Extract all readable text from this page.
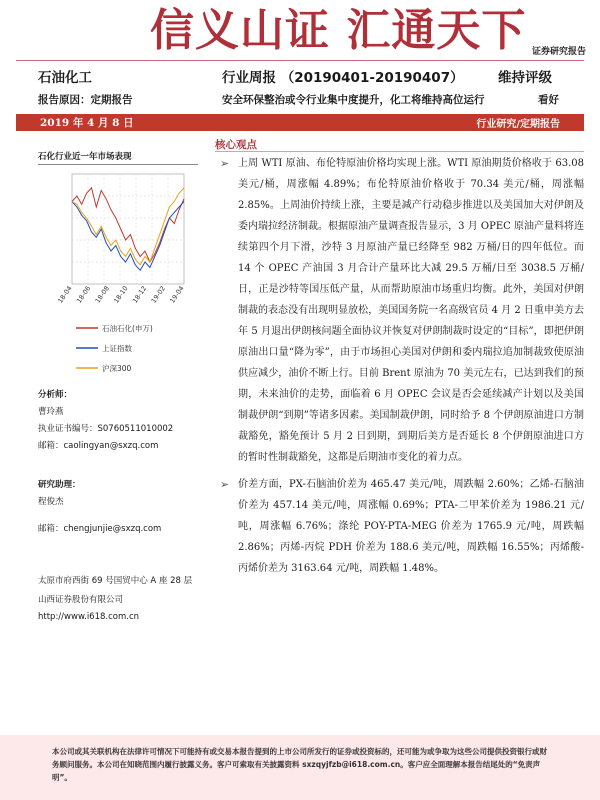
信义山证 汇通天下 证券研究报告
石油化工	行业周报 （20190401-20190407）	维持评级
报告原因：定期报告	安全环保整治或令行业集中度提升，化工将维持高位运行	看好
2019 年 4 月 8 日	行业研究/定期报告
核心观点
石化行业近一年市场表现
18-04 18-06 18-08 18-10 18-12 19-02 19-04
石油石化(申万)
上证指数
沪深300
分析师：
曹玲燕
执业证书编号：S0760511010002
邮箱：caolingyan@sxzq.com
研究助理：
程俊杰
邮箱：chengjunjie@sxzq.com
太原市府西街 69 号国贸中心 A 座 28 层
山西证券股份有限公司
http://www.i618.com.cn

➢ 上周 WTI 原油、布伦特原油价格均实现上涨。WTI 原油期货价格收于 63.08 美元/桶，周涨幅 4.89%；布伦特原油价格收于 70.34 美元/桶，周涨幅 2.85%。上周油价持续上涨，主要是减产行动稳步推进以及美国加大对伊朗及委内瑞拉经济制裁。根据原油产量调查报告显示，3 月 OPEC 原油产量料将连续第四个月下滑，沙特 3 月原油产量已经降至 982 万桶/日的四年低位。而 14 个 OPEC 产油国 3 月合计产量环比大减 29.5 万桶/日至 3038.5 万桶/日，正是沙特等国压低产量，从而帮助原油市场重归均衡。此外，美国对伊朗制裁的表态没有出现明显放松，美国国务院一名高级官员 4 月 2 日重申美方去年 5 月退出伊朗核问题全面协议并恢复对伊朗制裁时设定的“目标”，即把伊朗原油出口量“降为零”，由于市场担心美国对伊朗和委内瑞拉追加制裁致使原油供应减少，油价不断上行。目前 Brent 原油为 70 美元左右，已达到我们的预期，未来油价的走势，面临着 6 月 OPEC 会议是否会延续减产计划以及美国制裁伊朗“到期”等诸多因素。美国制裁伊朗，同时给予 8 个伊朗原油进口方制裁豁免，豁免预计 5 月 2 日到期，到期后美方是否延长 8 个伊朗原油进口方的暂时性制裁豁免，这都是后期油市变化的着力点。

➢ 价差方面，PX-石脑油价差为 465.47 美元/吨，周跌幅 2.60%；乙烯-石脑油价差为 457.14 美元/吨，周涨幅 0.69%；PTA-二甲苯价差为 1986.21 元/吨，周涨幅 6.76%；涤纶 POY-PTA-MEG 价差为 1765.9 元/吨，周跌幅 2.86%；丙烯-丙烷 PDH 价差为 188.6 美元/吨，周跌幅 16.55%；丙烯酸-丙烯价差为 3163.64 元/吨，周跌幅 1.48%。

本公司或其关联机构在法律许可情况下可能持有或交易本报告提到的上市公司所发行的证券或投资标的，还可能为或争取为这些公司提供投资银行或财务顾问服务。本公司在知晓范围内履行披露义务。客户可索取有关披露资料 sxzqyjfzb@i618.com.cn。客户应全面理解本报告结尾处的“免责声明”。
